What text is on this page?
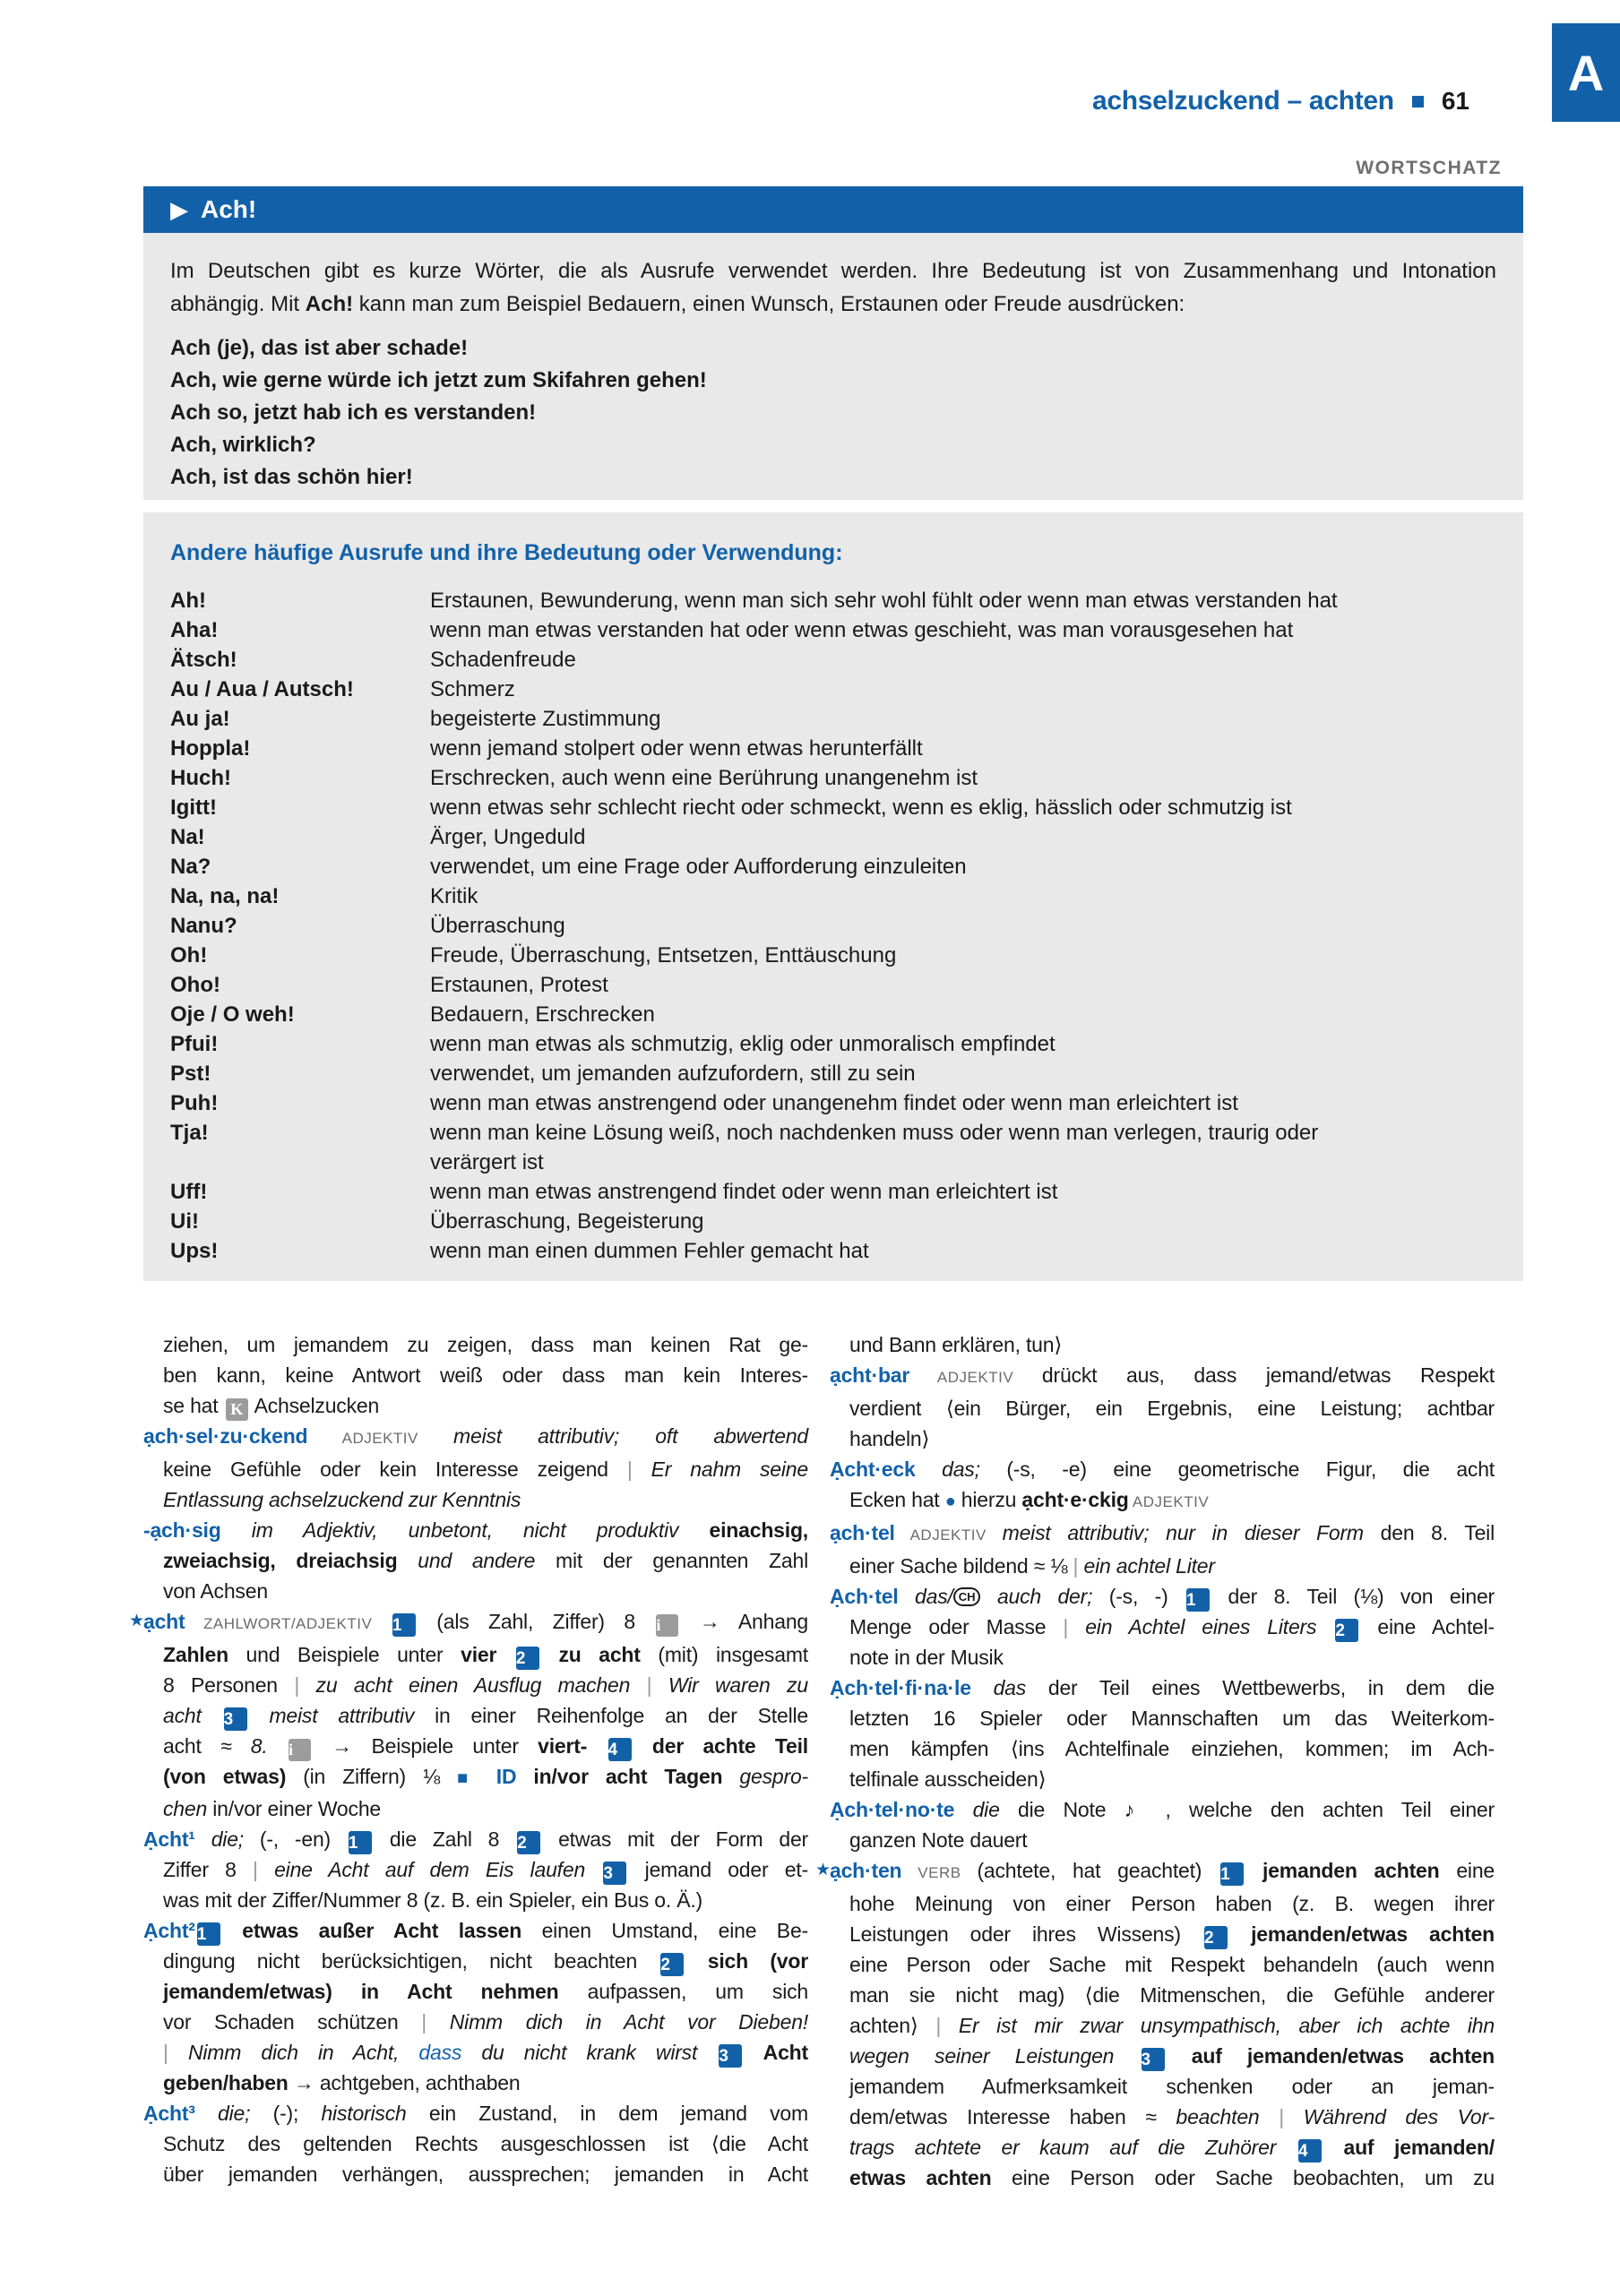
A
achselzuckend – achten 61
WORTSCHATZ
▶ Ach!
Im Deutschen gibt es kurze Wörter, die als Ausrufe verwendet werden. Ihre Bedeutung ist von Zusammenhang und Intonation
abhängig. Mit Ach! kann man zum Beispiel Bedauern, einen Wunsch, Erstaunen oder Freude ausdrücken:
Ach (je), das ist aber schade!
Ach, wie gerne würde ich jetzt zum Skifahren gehen!
Ach so, jetzt hab ich es verstanden!
Ach, wirklich?
Ach, ist das schön hier!
Andere häufige Ausrufe und ihre Bedeutung oder Verwendung:
Ah!	Erstaunen, Bewunderung, wenn man sich sehr wohl fühlt oder wenn man etwas verstanden hat
Aha!	wenn man etwas verstanden hat oder wenn etwas geschieht, was man vorausgesehen hat
Ätsch!	Schadenfreude
Au / Aua / Autsch!	Schmerz
Au ja!	begeisterte Zustimmung
Hoppla!	wenn jemand stolpert oder wenn etwas herunterfällt
Huch!	Erschrecken, auch wenn eine Berührung unangenehm ist
Igitt!	wenn etwas sehr schlecht riecht oder schmeckt, wenn es eklig, hässlich oder schmutzig ist
Na!	Ärger, Ungeduld
Na?	verwendet, um eine Frage oder Aufforderung einzuleiten
Na, na, na!	Kritik
Nanu?	Überraschung
Oh!	Freude, Überraschung, Entsetzen, Enttäuschung
Oho!	Erstaunen, Protest
Oje / O weh!	Bedauern, Erschrecken
Pfui!	wenn man etwas als schmutzig, eklig oder unmoralisch empfindet
Pst!	verwendet, um jemanden aufzufordern, still zu sein
Puh!	wenn man etwas anstrengend oder unangenehm findet oder wenn man erleichtert ist
Tja!	wenn man keine Lösung weiß, noch nachdenken muss oder wenn man verlegen, traurig oder verärgert ist
Uff!	wenn man etwas anstrengend findet oder wenn man erleichtert ist
Ui!	Überraschung, Begeisterung
Ups!	wenn man einen dummen Fehler gemacht hat
ziehen, um jemandem zu zeigen, dass man keinen Rat ge-
ben kann, keine Antwort weiß oder dass man kein Interes-
se hat K Achselzucken
ạch·sel·zu·ckend ADJEKTIV meist attributiv; oft abwertend
keine Gefühle oder kein Interesse zeigend | Er nahm seine
Entlassung achselzuckend zur Kenntnis
-ạch·sig im Adjektiv, unbetont, nicht produktiv einachsig,
zweiachsig, dreiachsig und andere mit der genannten Zahl
von Achsen
★ ạcht ZAHLWORT/ADJEKTIV 1 (als Zahl, Ziffer) 8 i → Anhang
Zahlen und Beispiele unter vier 2 zu acht (mit) insgesamt
8 Personen | zu acht einen Ausflug machen | Wir waren zu
acht 3 meist attributiv in einer Reihenfolge an der Stelle
acht ≈ 8. i → Beispiele unter viert- 4 der achte Teil
(von etwas) (in Ziffern) ⅛ ■ ID in/vor acht Tagen gespro-
chen in/vor einer Woche
Ạcht¹ die; (-, -en) 1 die Zahl 8 2 etwas mit der Form der
Ziffer 8 | eine Acht auf dem Eis laufen 3 jemand oder et-
was mit der Ziffer/Nummer 8 (z. B. ein Spieler, ein Bus o. Ä.)
Ạcht² 1 etwas außer Acht lassen einen Umstand, eine Be-
dingung nicht berücksichtigen, nicht beachten 2 sich (vor
jemandem/etwas) in Acht nehmen aufpassen, um sich
vor Schaden schützen | Nimm dich in Acht vor Dieben!
| Nimm dich in Acht, dass du nicht krank wirst 3 Acht
geben/haben → achtgeben, achthaben
Ạcht³ die; (-); historisch ein Zustand, in dem jemand vom
Schutz des geltenden Rechts ausgeschlossen ist ⟨die Acht
über jemanden verhängen, aussprechen; jemanden in Acht
und Bann erklären, tun⟩
ạcht·bar ADJEKTIV drückt aus, dass jemand/etwas Respekt
verdient ⟨ein Bürger, ein Ergebnis, eine Leistung; achtbar
handeln⟩
Ạcht·eck das; (-s, -e) eine geometrische Figur, die acht
Ecken hat ● hierzu ạcht·e·ckig ADJEKTIV
ạch·tel ADJEKTIV meist attributiv; nur in dieser Form den 8. Teil
einer Sache bildend ≈ ⅛ | ein achtel Liter
Ạch·tel das/ CH auch der; (-s, -) 1 der 8. Teil (⅛) von einer
Menge oder Masse | ein Achtel eines Liters 2 eine Achtel-
note in der Musik
Ạch·tel·fi·na·le das der Teil eines Wettbewerbs, in dem die
letzten 16 Spieler oder Mannschaften um das Weiterkom-
men kämpfen ⟨ins Achtelfinale einziehen, kommen; im Ach-
telfinale ausscheiden⟩
Ạch·tel·no·te die die Note ♪ , welche den achten Teil einer
ganzen Note dauert
★ ạch·ten VERB (achtete, hat geachtet) 1 jemanden achten eine
hohe Meinung von einer Person haben (z. B. wegen ihrer
Leistungen oder ihres Wissens) 2 jemanden/etwas achten
eine Person oder Sache mit Respekt behandeln (auch wenn
man sie nicht mag) ⟨die Mitmenschen, die Gefühle anderer
achten⟩ | Er ist mir zwar unsympathisch, aber ich achte ihn
wegen seiner Leistungen 3 auf jemanden/etwas achten
jemandem Aufmerksamkeit schenken oder an jeman-
dem/etwas Interesse haben ≈ beachten | Während des Vor-
trags achtete er kaum auf die Zuhörer 4 auf jemanden/
etwas achten eine Person oder Sache beobachten, um zu
